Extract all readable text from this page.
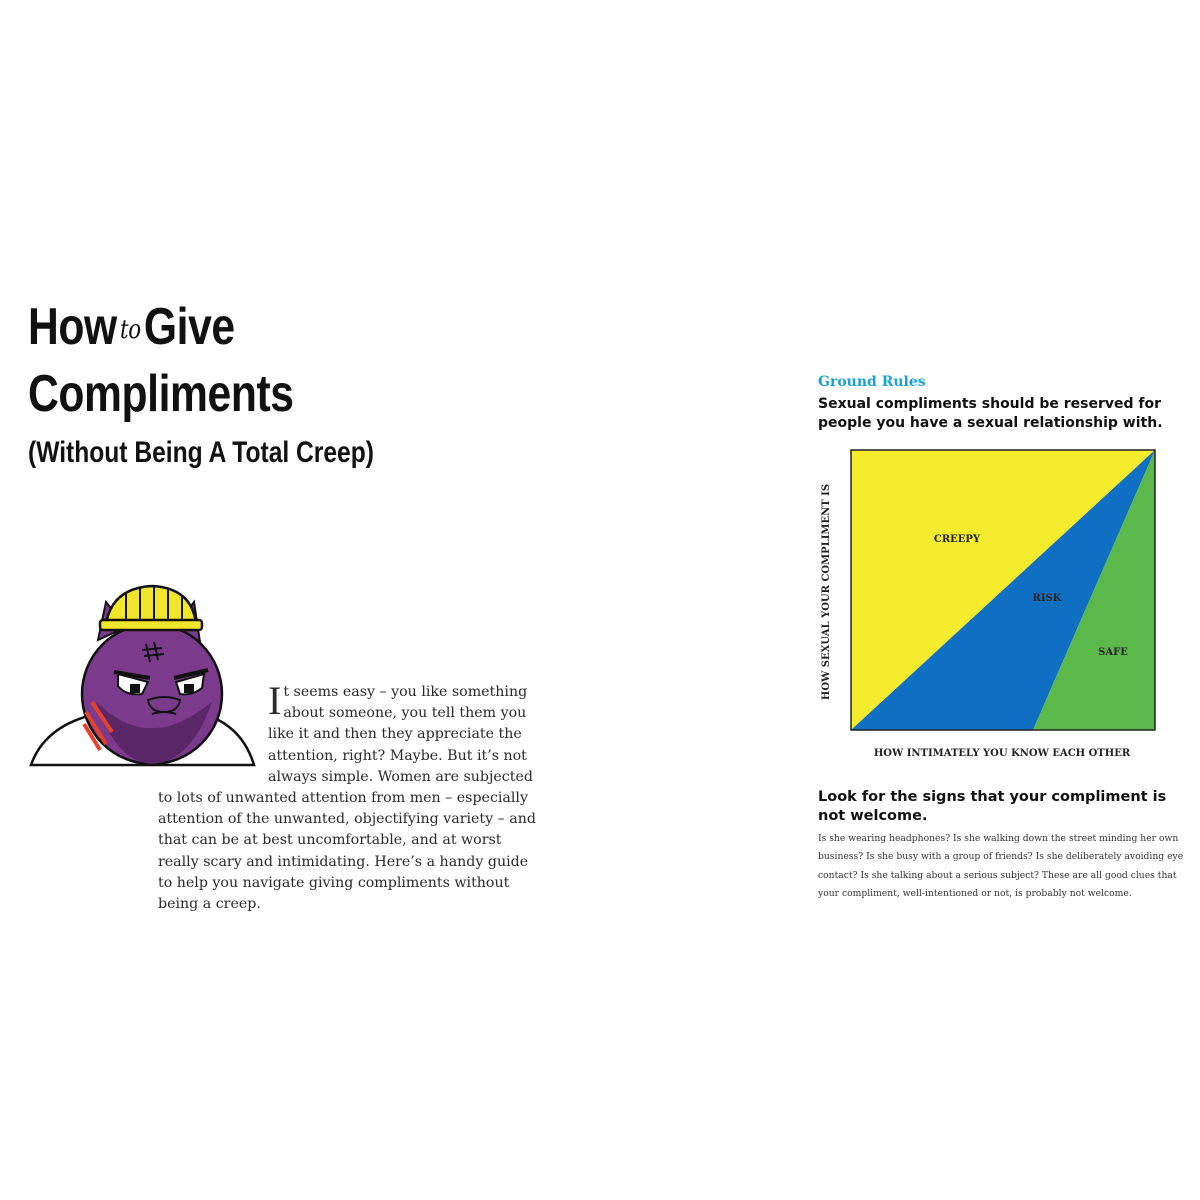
How toGive
Compliments
(Without Being A Total Creep)
It seems easy – you like something about someone, you tell them you like it and then they appreciate the attention, right? Maybe. But it’s not always simple. Women are subjected to lots of unwanted attention from men – especially attention of the unwanted, objectifying variety – and that can be at best uncomfortable, and at worst really scary and intimidating. Here’s a handy guide to help you navigate giving compliments without being a creep.
Ground Rules
Sexual compliments should be reserved for people you have a sexual relationship with.
CREEPY
RISK
SAFE
HOW INTIMATELY YOU KNOW EACH OTHER
HOW SEXUAL YOUR COMPLIMENT IS
Look for the signs that your compliment is not welcome.
Is she wearing headphones? Is she walking down the street minding her own business? Is she busy with a group of friends? Is she deliberately avoiding eye contact? Is she talking about a serious subject? These are all good clues that your compliment, well-intentioned or not, is probably not welcome.
